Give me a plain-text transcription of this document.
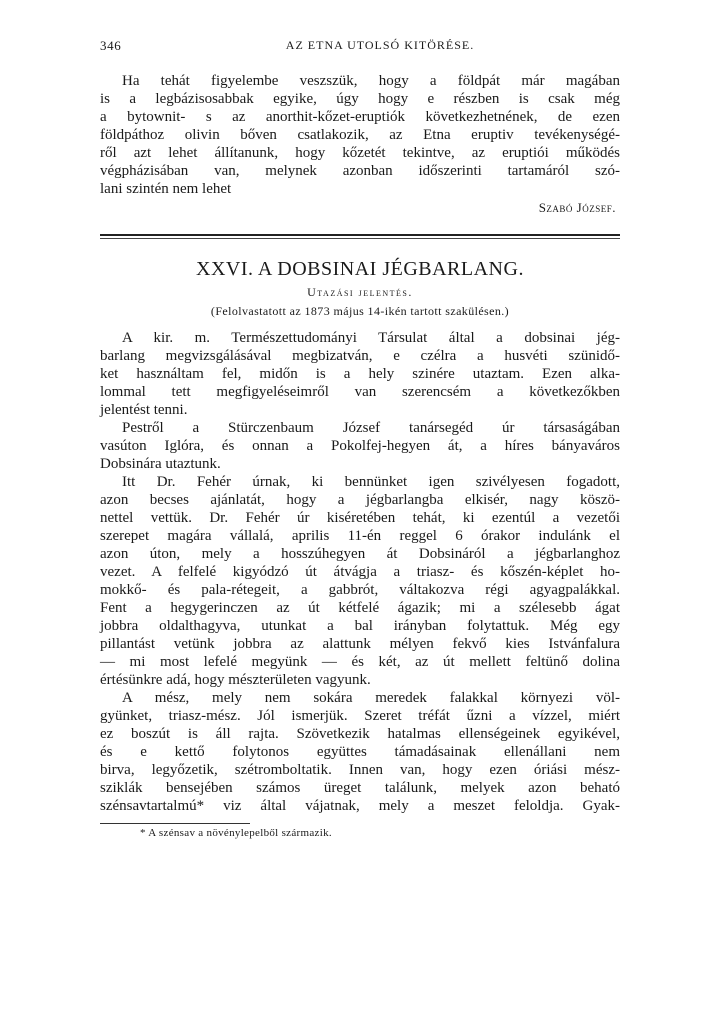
346	AZ ETNA UTOLSÓ KITÖRÉSE.

Ha tehát figyelembe veszszük, hogy a földpát már magában
is a legbázisosabbak egyike, úgy hogy e részben is csak még
a bytownit- s az anorthit-kőzet-eruptiók következhetnének, de ezen
földpáthoz olivin bőven csatlakozik, az Etna eruptiv tevékenységé-
ről azt lehet állítanunk, hogy kőzetét tekintve, az eruptiói működés
végpházisában van, melynek azonban időszerinti tartamáról szó-
lani szintén nem lehet

Szabó József.
XXVI. A DOBSINAI JÉGBARLANG.
Utazási jelentés.
(Felolvastatott az 1873 május 14-ikén tartott szakülésen.)

A kir. m. Természettudományi Társulat által a dobsinai jég-
barlang megvizsgálásával megbizatván, e czélra a husvéti szünidő-
ket használtam fel, midőn is a hely szinére utaztam. Ezen alka-
lommal tett megfigyeléseimről van szerencsém a következőkben
jelentést tenni.

Pestről a Stürczenbaum József tanársegéd úr társaságában
vasúton Iglóra, és onnan a Pokolfej-hegyen át, a híres bányaváros
Dobsinára utaztunk.

Itt Dr. Fehér úrnak, ki bennünket igen szivélyesen fogadott,
azon becses ajánlatát, hogy a jégbarlangba elkisér, nagy köszö-
nettel vettük. Dr. Fehér úr kiséretében tehát, ki ezentúl a vezetői
szerepet magára vállalá, aprilis 11-én reggel 6 órakor indulánk el
azon úton, mely a hosszúhegyen át Dobsináról a jégbarlanghoz
vezet. A felfelé kigyódzó út átvágja a triasz- és kőszén-képlet ho-
mokkő- és pala-rétegeit, a gabbrót, váltakozva régi agyagpalákkal.
Fent a hegygerinczen az út kétfelé ágazik; mi a szélesebb ágat
jobbra oldalthagyva, utunkat a bal irányban folytattuk. Még egy
pillantást vetünk jobbra az alattunk mélyen fekvő kies Istvánfalura
— mi most lefelé megyünk — és két, az út mellett feltünő dolina
értésünkre adá, hogy mészterületen vagyunk.

A mész, mely nem sokára meredek falakkal környezi völ-
gyünket, triasz-mész. Jól ismerjük. Szeret tréfát űzni a vízzel, miért
ez boszút is áll rajta. Szövetkezik hatalmas ellenségeinek egyikével,
és e kettő folytonos együttes támadásainak ellenállani nem
birva, legyőzetik, szétromboltatik. Innen van, hogy ezen óriási mész-
sziklák bensejében számos üreget találunk, melyek azon beható
szénsavtartalmú* viz által vájatnak, mely a meszet feloldja. Gyak-

* A szénsav a növénylepelből származik.
